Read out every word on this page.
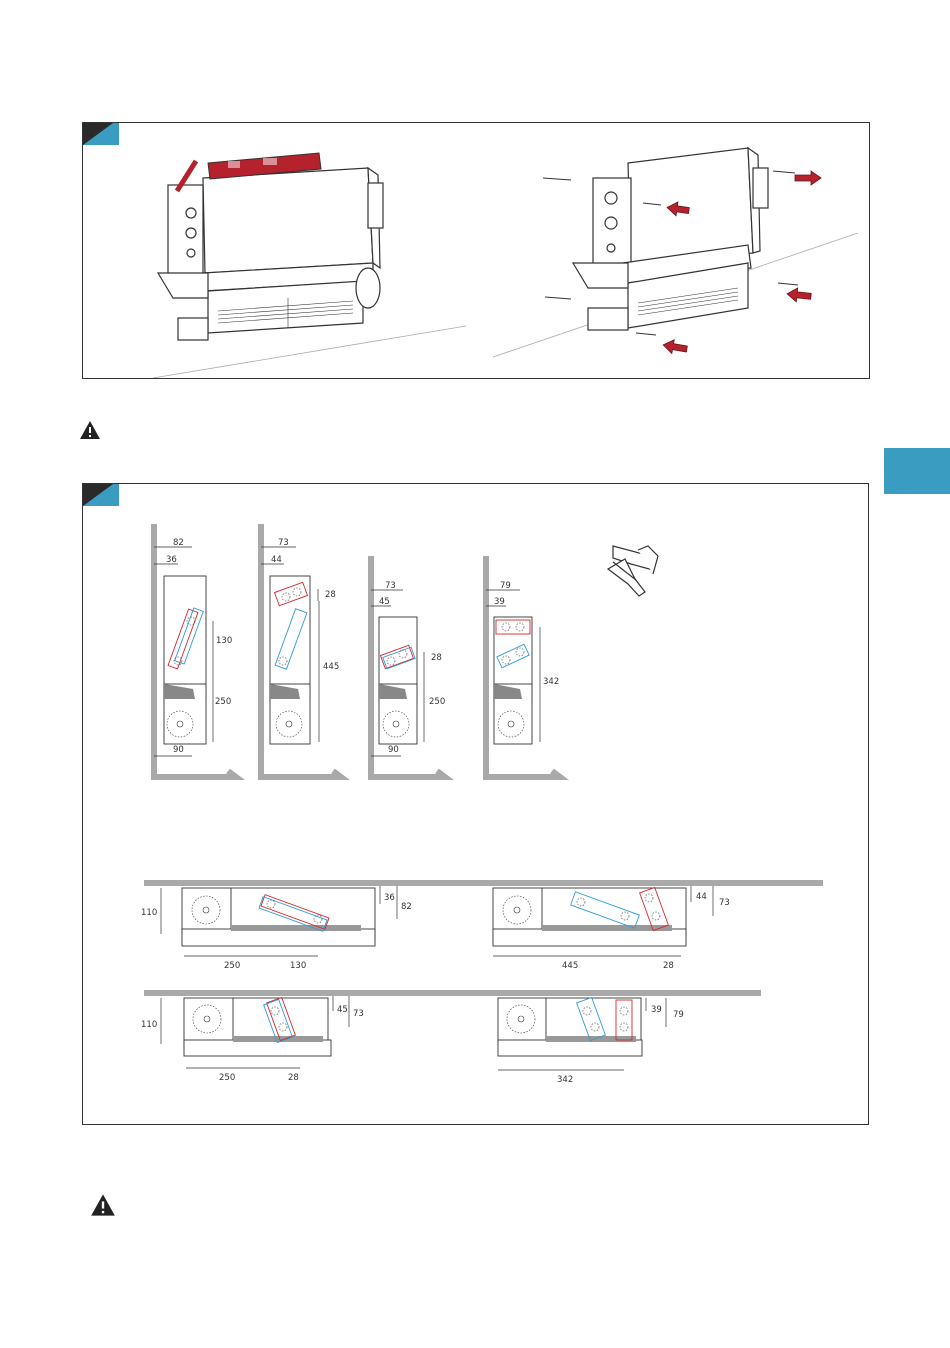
82
36
130
250
90
73
44
28
445
73
45
28
250
90
79
39
342
110
36
82
250	130
44
73
445	28
110
45 73
250	28
39 79
342
